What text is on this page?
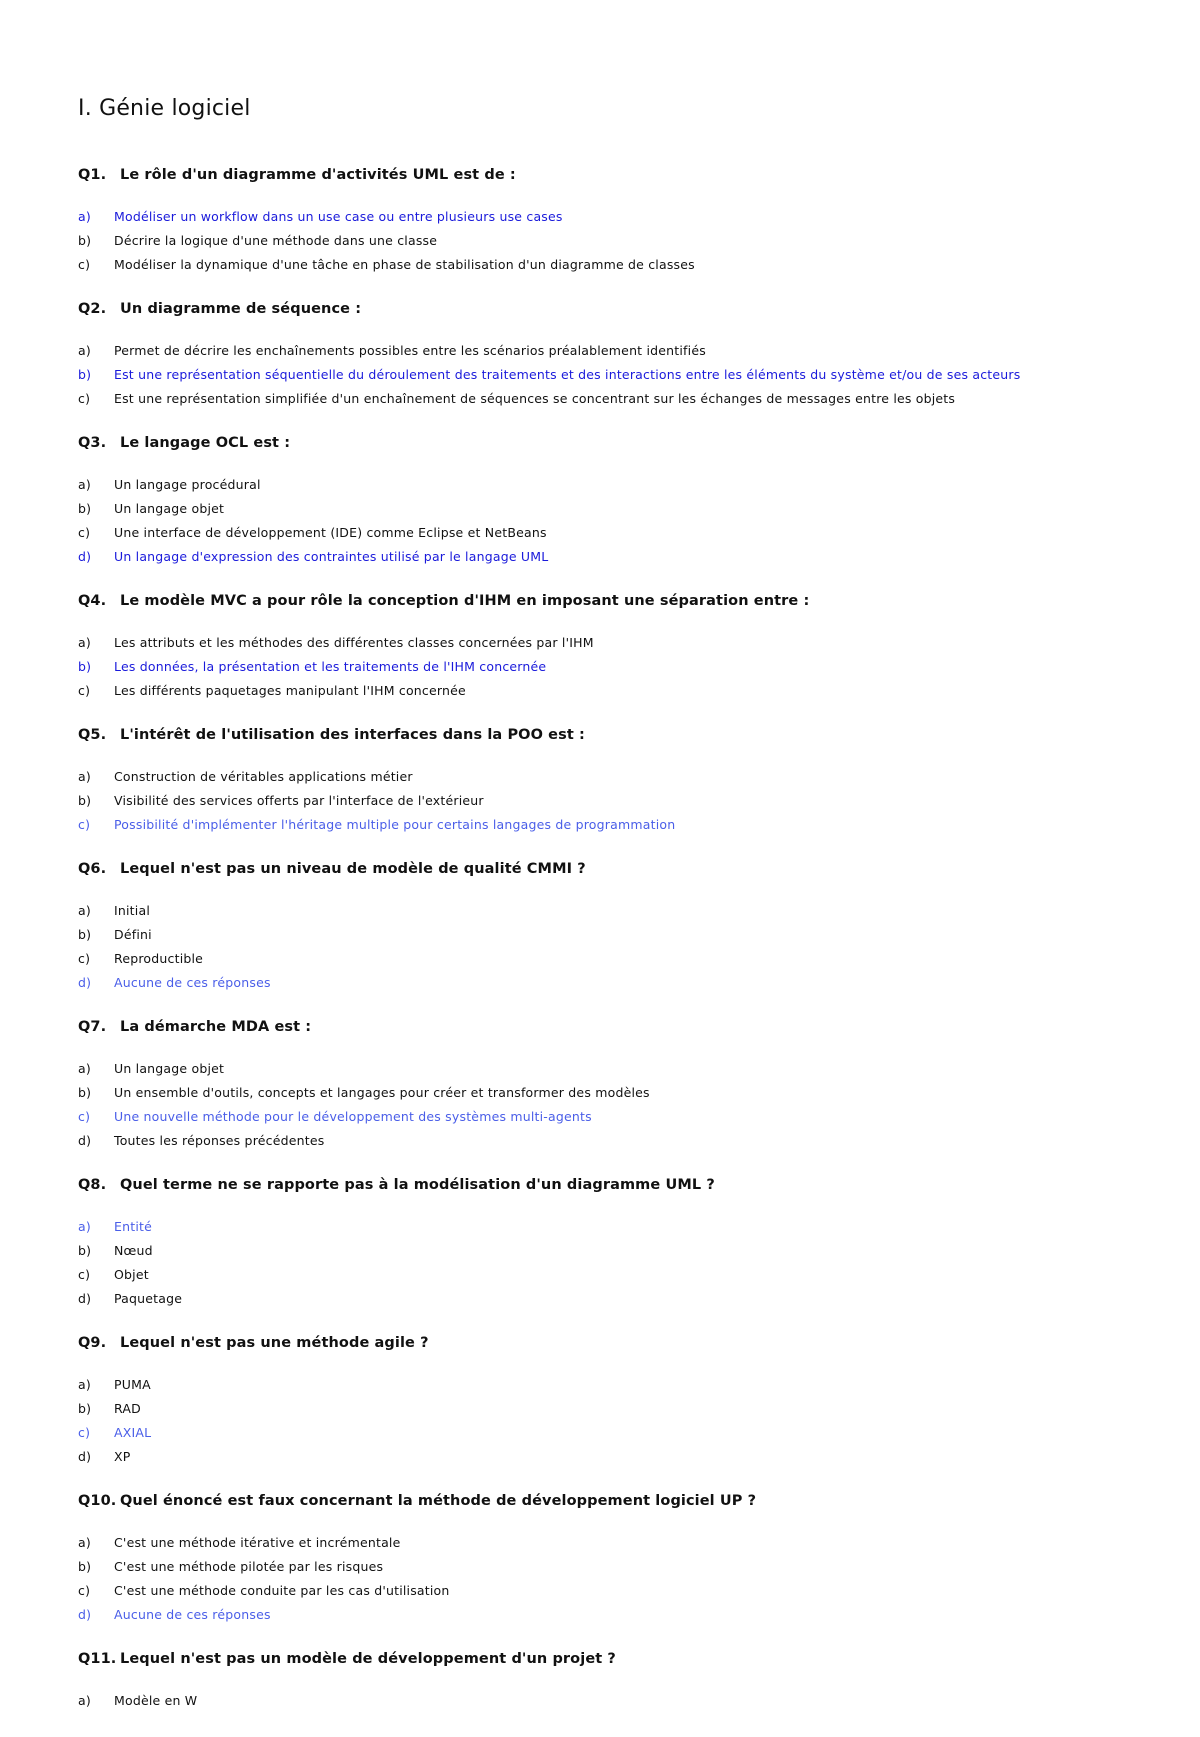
I. Génie logiciel
Q1. Le rôle d'un diagramme d'activités UML est de :
a) Modéliser un workflow dans un use case ou entre plusieurs use cases
b) Décrire la logique d'une méthode dans une classe
c) Modéliser la dynamique d'une tâche en phase de stabilisation d'un diagramme de classes
Q2. Un diagramme de séquence :
a) Permet de décrire les enchaînements possibles entre les scénarios préalablement identifiés
b) Est une représentation séquentielle du déroulement des traitements et des interactions entre les éléments du système et/ou de ses acteurs
c) Est une représentation simplifiée d'un enchaînement de séquences se concentrant sur les échanges de messages entre les objets
Q3. Le langage OCL est :
a) Un langage procédural
b) Un langage objet
c) Une interface de développement (IDE) comme Eclipse et NetBeans
d) Un langage d'expression des contraintes utilisé par le langage UML
Q4. Le modèle MVC a pour rôle la conception d'IHM en imposant une séparation entre :
a) Les attributs et les méthodes des différentes classes concernées par l'IHM
b) Les données, la présentation et les traitements de l'IHM concernée
c) Les différents paquetages manipulant l'IHM concernée
Q5. L'intérêt de l'utilisation des interfaces dans la POO est :
a) Construction de véritables applications métier
b) Visibilité des services offerts par l'interface de l'extérieur
c) Possibilité d'implémenter l'héritage multiple pour certains langages de programmation
Q6. Lequel n'est pas un niveau de modèle de qualité CMMI ?
a) Initial
b) Défini
c) Reproductible
d) Aucune de ces réponses
Q7. La démarche MDA est :
a) Un langage objet
b) Un ensemble d'outils, concepts et langages pour créer et transformer des modèles
c) Une nouvelle méthode pour le développement des systèmes multi-agents
d) Toutes les réponses précédentes
Q8. Quel terme ne se rapporte pas à la modélisation d'un diagramme UML ?
a) Entité
b) Nœud
c) Objet
d) Paquetage
Q9. Lequel n'est pas une méthode agile ?
a) PUMA
b) RAD
c) AXIAL
d) XP
Q10. Quel énoncé est faux concernant la méthode de développement logiciel UP ?
a) C'est une méthode itérative et incrémentale
b) C'est une méthode pilotée par les risques
c) C'est une méthode conduite par les cas d'utilisation
d) Aucune de ces réponses
Q11. Lequel n'est pas un modèle de développement d'un projet ?
a) Modèle en W
